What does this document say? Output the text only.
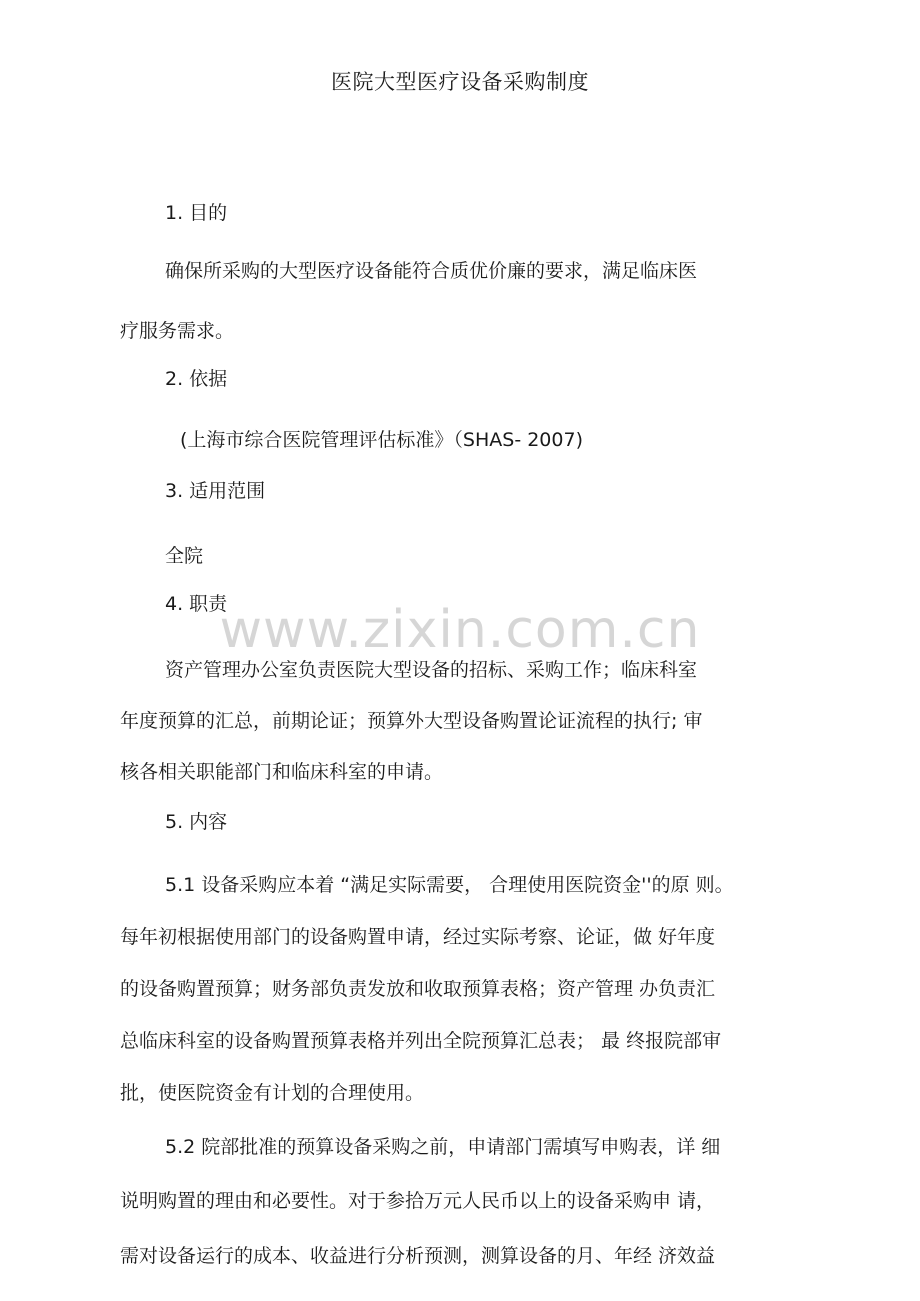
医院大型医疗设备采购制度
www.zixin.com.cn
1. 目的
确保所采购的大型医疗设备能符合质优价廉的要求，满足临床医
疗服务需求。
2. 依据
(上海市综合医院管理评估标准》（SHAS- 2007)
3. 适用范围
全院
4. 职责
资产管理办公室负责医院大型设备的招标、采购工作；临床科室
年度预算的汇总，前期论证；预算外大型设备购置论证流程的执行; 审
核各相关职能部门和临床科室的申请。
5. 内容
5.1 设备采购应本着 “满足实际需要， 合理使用医院资金''的原 则。
每年初根据使用部门的设备购置申请，经过实际考察、论证，做 好年度
的设备购置预算；财务部负责发放和收取预算表格；资产管理 办负责汇
总临床科室的设备购置预算表格并列出全院预算汇总表； 最 终报院部审
批，使医院资金有计划的合理使用。
5.2 院部批准的预算设备采购之前，申请部门需填写申购表，详 细
说明购置的理由和必要性。对于参拾万元人民币以上的设备采购申 请，
需对设备运行的成本、收益进行分析预测，测算设备的月、年经 济效益
